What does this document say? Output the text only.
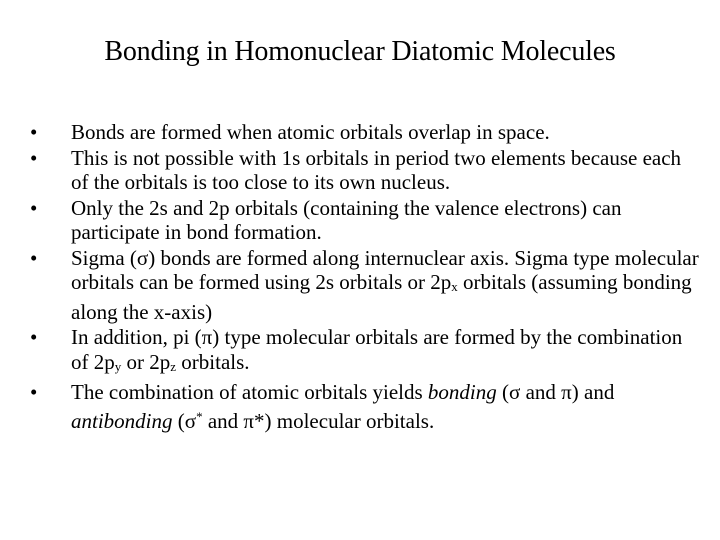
Bonding in Homonuclear Diatomic Molecules
•	Bonds are formed when atomic orbitals overlap in space.
•	This is not possible with 1s orbitals in period two elements because each of the orbitals is too close to its own nucleus.
•	Only the 2s and 2p orbitals (containing the valence electrons) can participate in bond formation.
•	Sigma (σ) bonds are formed along internuclear axis. Sigma type molecular orbitals can be formed using 2s orbitals or 2px orbitals (assuming bonding along the x-axis)
•	In addition, pi (π) type molecular orbitals are formed by the combination of 2py or 2pz orbitals.
•	The combination of atomic orbitals yields bonding (σ and π) and antibonding (σ* and π*) molecular orbitals.
